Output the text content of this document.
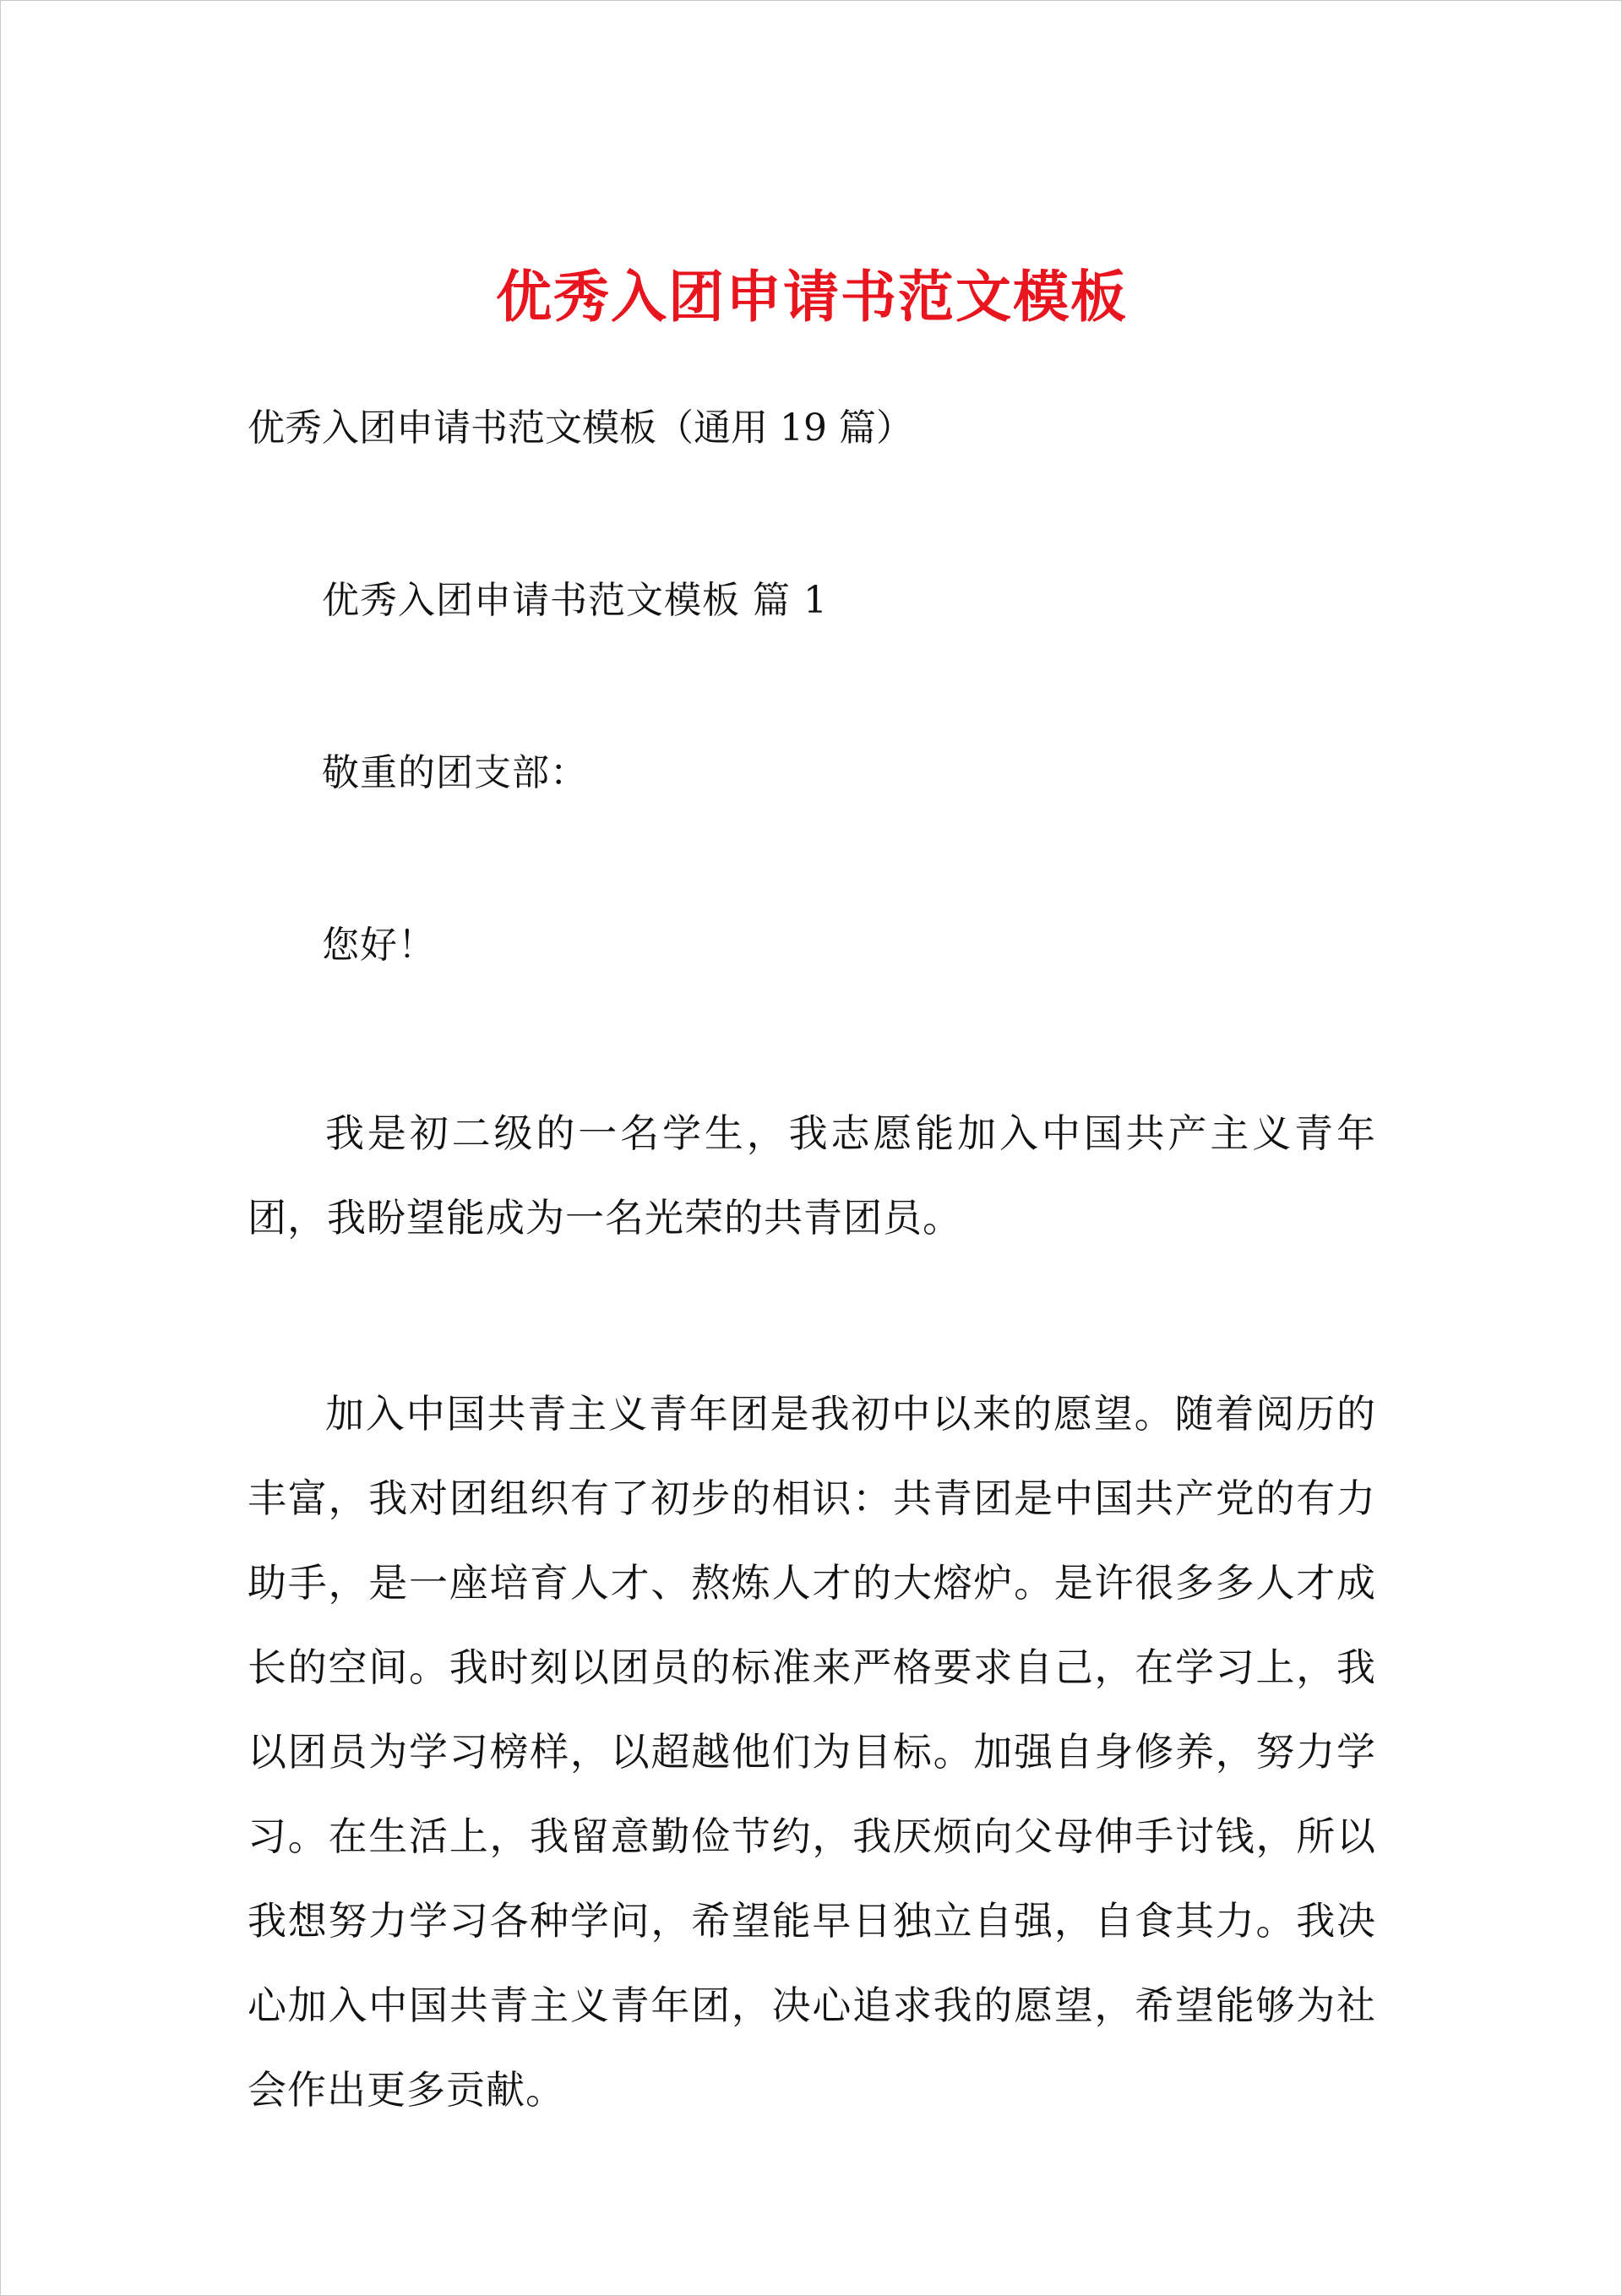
优秀入团申请书范文模板

优秀入团申请书范文模板（通用 19 篇）

优秀入团申请书范文模板 篇 1

敬重的团支部：

您好！

我是初二级的一名学生，我志愿能加入中国共产主义青年团，我盼望能成为一名光荣的共青团员。

加入中国共青主义青年团是我初中以来的愿望。随着阅历的丰富，我对团组织有了初步的相识：共青团是中国共产党的有力助手，是一座培育人才、熬炼人才的大熔炉。是许很多多人才成长的空间。我时刻以团员的标准来严格要求自己，在学习上，我以团员为学习榜样，以超越他们为目标。加强自身修养，努力学习。在生活上，我留意勤俭节约，我厌烦向父母伸手讨钱，所以我想努力学习各种学问，希望能早日独立自强，自食其力。我决心加入中国共青主义青年团，决心追求我的愿望，希望能够为社会作出更多贡献。
